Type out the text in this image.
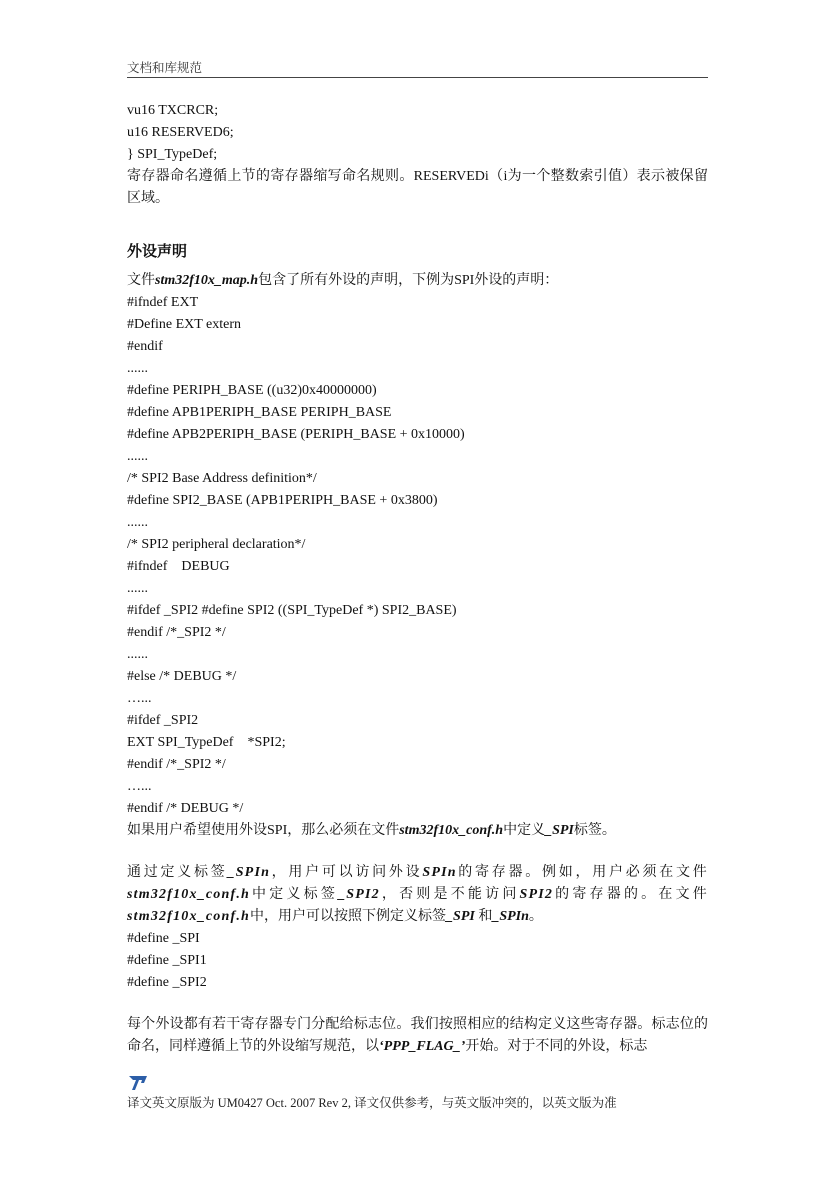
文档和库规范
vu16 TXCRCR;
u16 RESERVED6;
} SPI_TypeDef;
寄存器命名遵循上节的寄存器缩写命名规则。RESERVEDi（i为一个整数索引值）表示被保留区域。
外设声明
文件stm32f10x_map.h包含了所有外设的声明，下例为SPI外设的声明：
#ifndef EXT
#Define EXT extern
#endif
......
#define PERIPH_BASE ((u32)0x40000000)
#define APB1PERIPH_BASE PERIPH_BASE
#define APB2PERIPH_BASE (PERIPH_BASE + 0x10000)
......
/* SPI2 Base Address definition*/
#define SPI2_BASE (APB1PERIPH_BASE + 0x3800)
......
/* SPI2 peripheral declaration*/
#ifndef    DEBUG
......
#ifdef _SPI2 #define SPI2 ((SPI_TypeDef *) SPI2_BASE)
#endif /*_SPI2 */
......
#else /* DEBUG */
…...
#ifdef _SPI2
EXT SPI_TypeDef    *SPI2;
#endif /*_SPI2 */
…...
#endif /* DEBUG */
如果用户希望使用外设SPI，那么必须在文件stm32f10x_conf.h中定义_SPI标签。
通过定义标签_SPIn，用户可以访问外设SPIn的寄存器。例如，用户必须在文件stm32f10x_conf.h中定义标签_SPI2，否则是不能访问SPI2的寄存器的。在文件stm32f10x_conf.h中，用户可以按照下例定义标签_SPI 和_SPIn。
#define _SPI
#define _SPI1
#define _SPI2
每个外设都有若干寄存器专门分配给标志位。我们按照相应的结构定义这些寄存器。标志位的命名，同样遵循上节的外设缩写规范，以‘PPP_FLAG_’开始。对于不同的外设，标志
译文英文原版为 UM0427 Oct. 2007 Rev 2, 译文仅供参考，与英文版冲突的，以英文版为准
